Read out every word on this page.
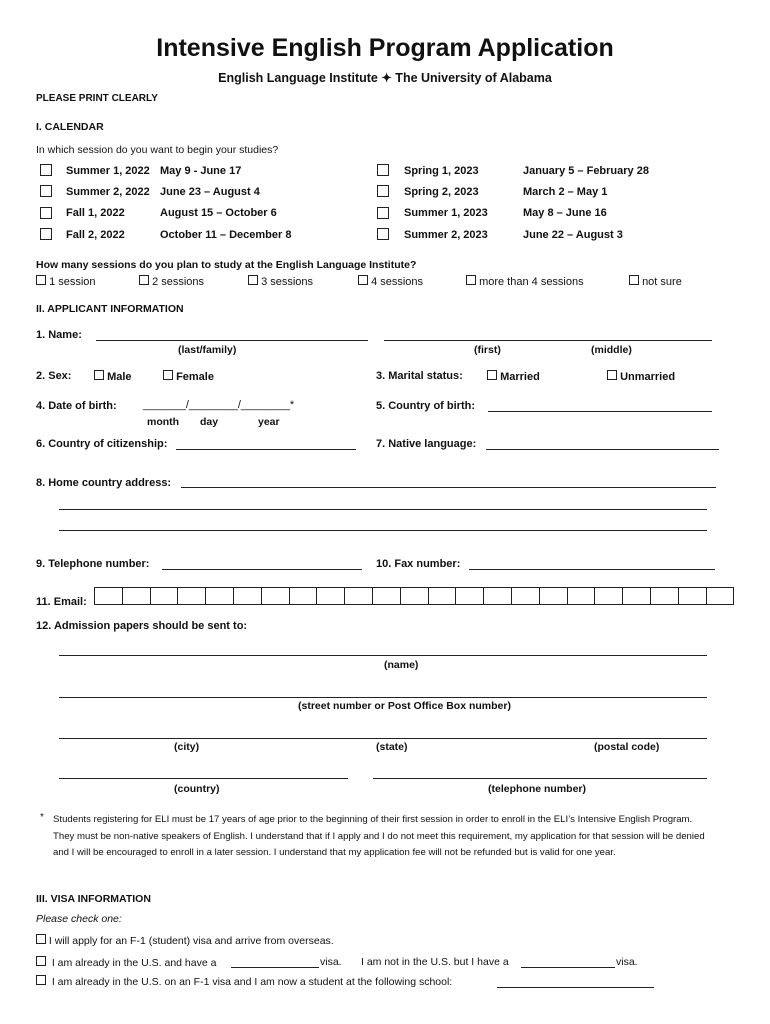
Intensive English Program Application
English Language Institute ✦ The University of Alabama
PLEASE PRINT CLEARLY
I. CALENDAR
In which session do you want to begin your studies?
Summer 1, 2022 May 9 - June 17
Summer 2, 2022 June 23 – August 4
Fall 1, 2022	August 15 – October 6
Fall 2, 2022	October 11 – December 8
Spring 1, 2023	January 5 – February 28
Spring 2, 2023	March 2 – May 1
Summer 1, 2023	May 8 – June 16
Summer 2, 2023	June 22 – August 3
How many sessions do you plan to study at the English Language Institute?
1 session	2 sessions	3 sessions	4 sessions	more than 4 sessions	not sure
II. APPLICANT INFORMATION
1. Name:
(last/family)	(first)	(middle)
2. Sex:	Male	Female	3. Marital status:	Married	Unmarried
4. Date of birth: _______/________/________*
month day	year
5. Country of birth:
6. Country of citizenship:	7. Native language:
8. Home country address:
9. Telephone number:	10. Fax number:
11. Email:
12. Admission papers should be sent to:
(name)
(street number or Post Office Box number)
(city)	(state)	(postal code)
(country)	(telephone number)
* Students registering for ELI must be 17 years of age prior to the beginning of their first session in order to enroll in the ELI’s Intensive English Program. They must be non-native speakers of English. I understand that if I apply and I do not meet this requirement, my application for that session will be denied and I will be encouraged to enroll in a later session. I understand that my application fee will not be refunded but is valid for one year.
III. VISA INFORMATION
Please check one:
I will apply for an F-1 (student) visa and arrive from overseas.
I am already in the U.S. and have a	visa. I am not in the U.S. but I have a	visa.
I am already in the U.S. on an F-1 visa and I am now a student at the following school:
